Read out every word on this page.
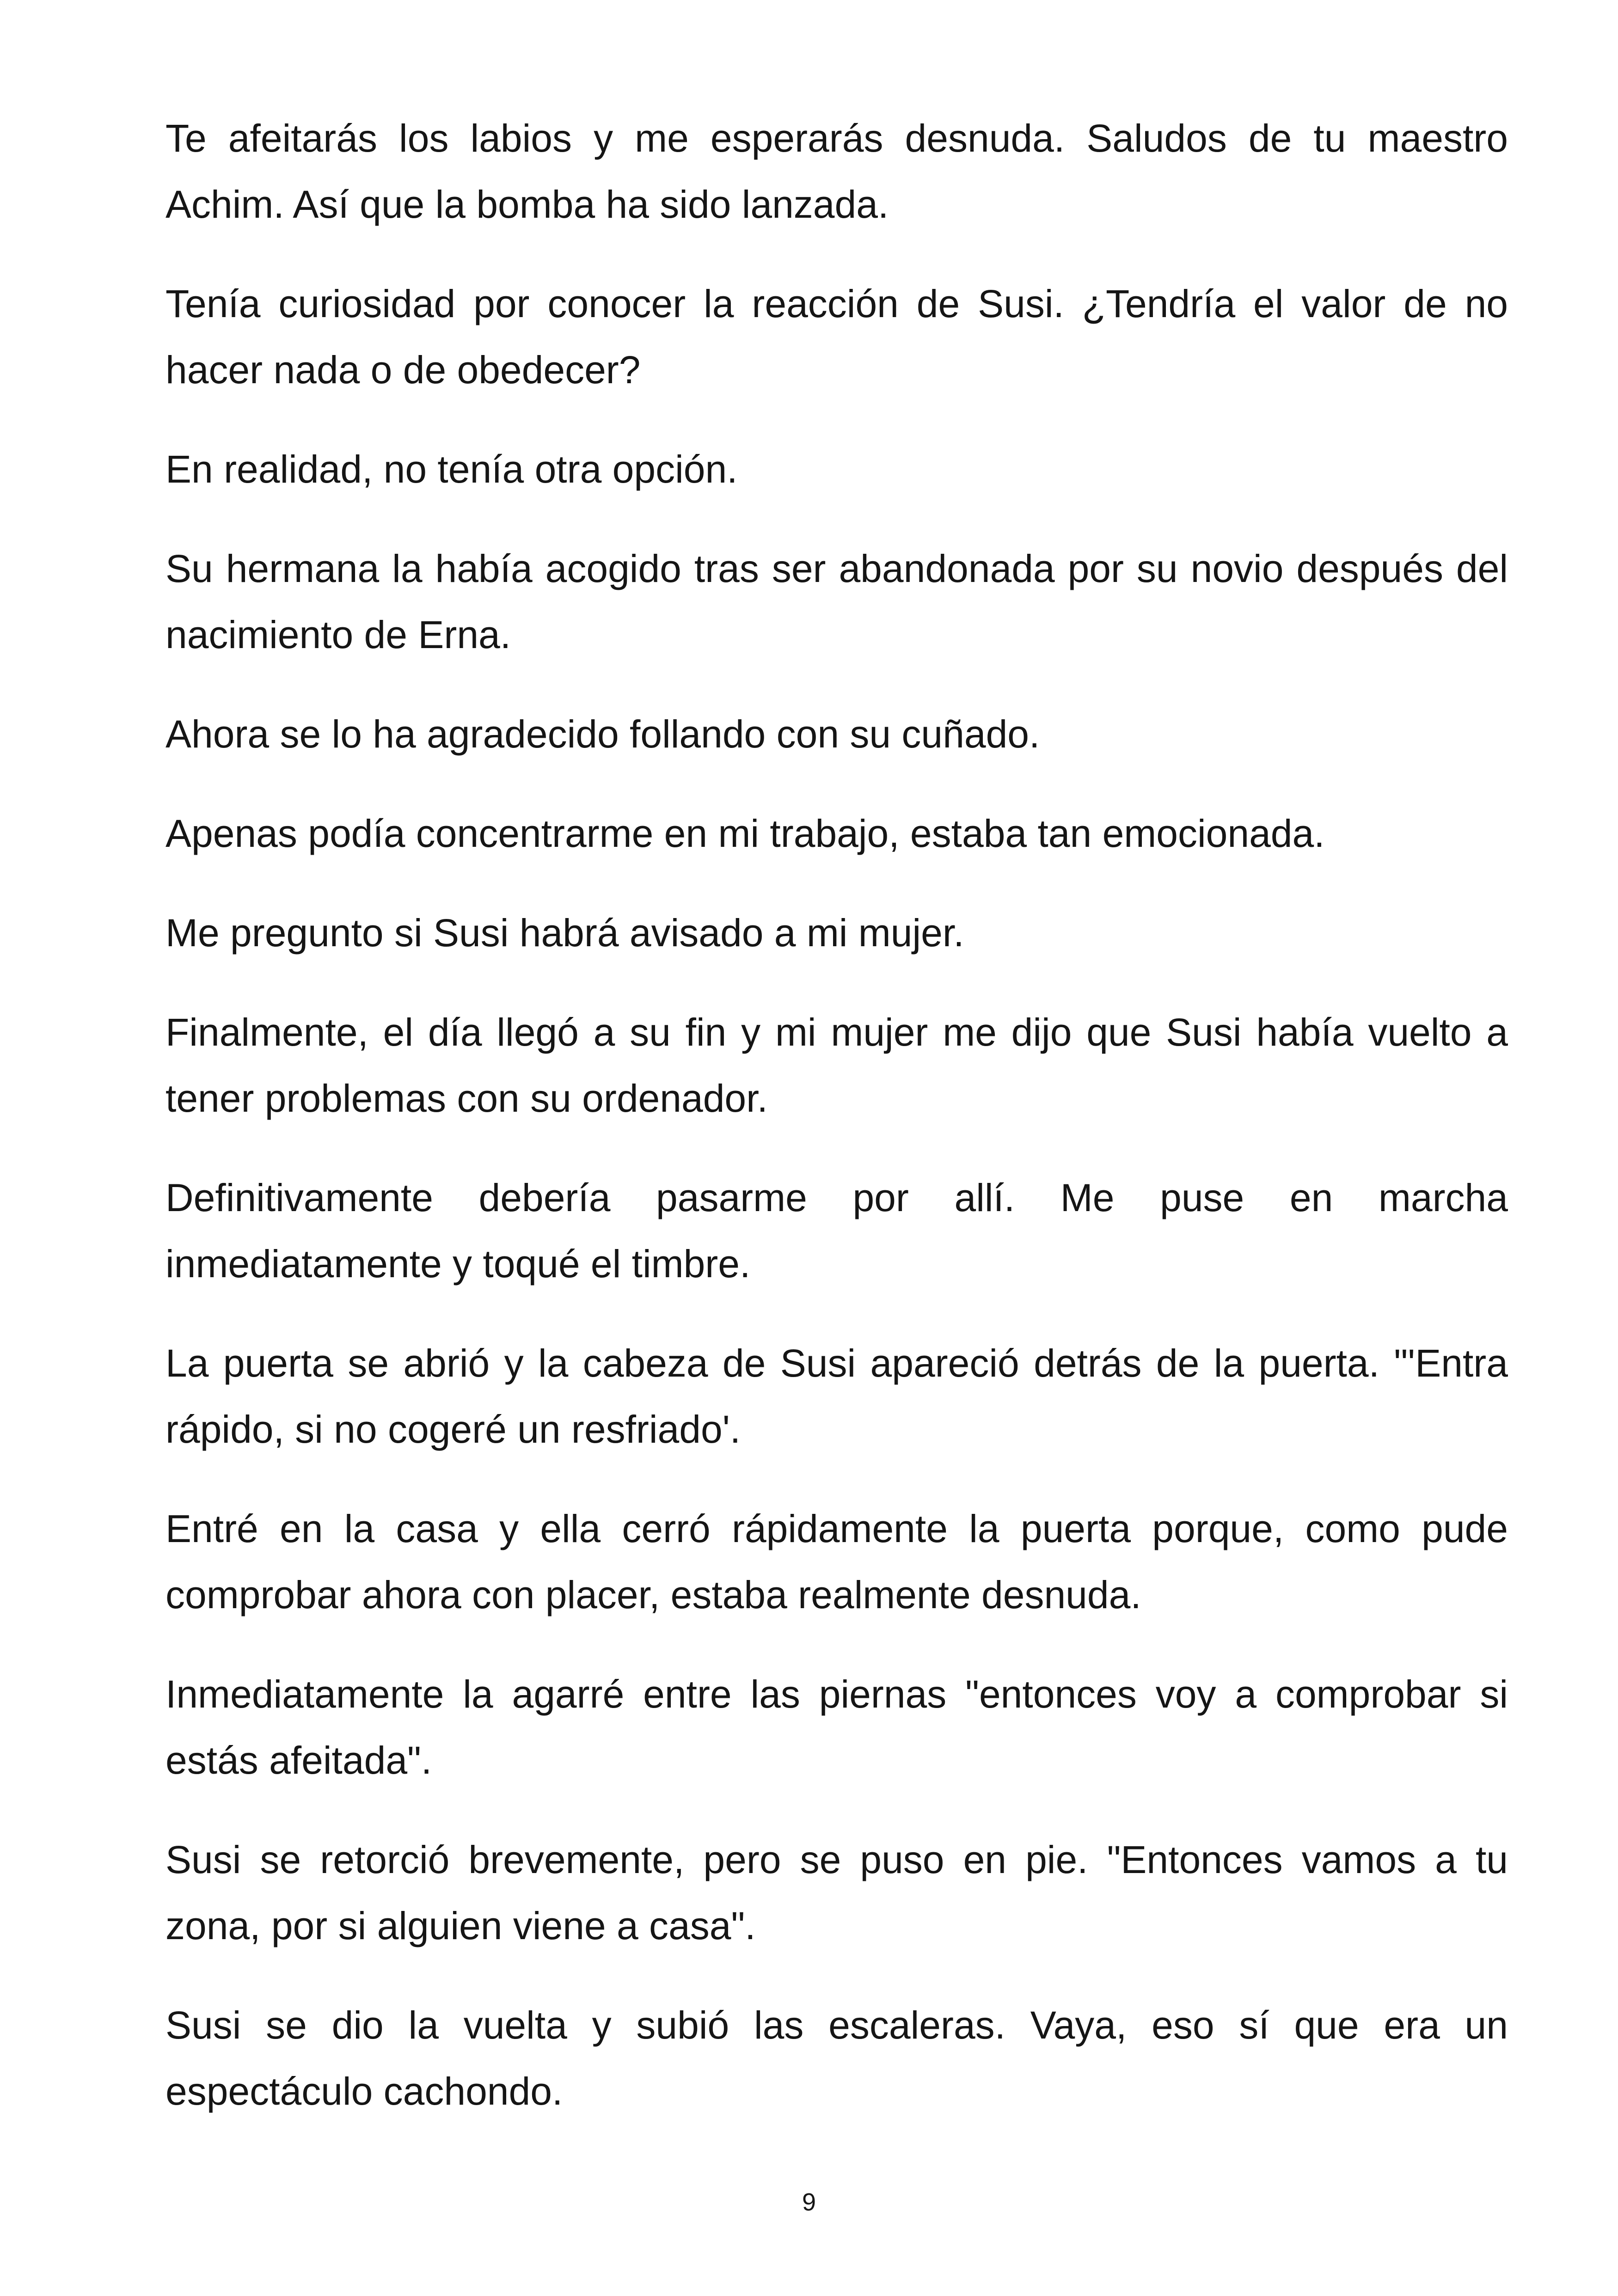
Te afeitarás los labios y me esperarás desnuda. Saludos de tu maestro Achim. Así que la bomba ha sido lanzada.

Tenía curiosidad por conocer la reacción de Susi. ¿Tendría el valor de no hacer nada o de obedecer?

En realidad, no tenía otra opción.

Su hermana la había acogido tras ser abandonada por su novio después del nacimiento de Erna.

Ahora se lo ha agradecido follando con su cuñado.

Apenas podía concentrarme en mi trabajo, estaba tan emocionada.

Me pregunto si Susi habrá avisado a mi mujer.

Finalmente, el día llegó a su fin y mi mujer me dijo que Susi había vuelto a tener problemas con su ordenador.

Definitivamente debería pasarme por allí. Me puse en marcha inmediatamente y toqué el timbre.

La puerta se abrió y la cabeza de Susi apareció detrás de la puerta. "'Entra rápido, si no cogeré un resfriado'.

Entré en la casa y ella cerró rápidamente la puerta porque, como pude comprobar ahora con placer, estaba realmente desnuda.

Inmediatamente la agarré entre las piernas "entonces voy a comprobar si estás afeitada".

Susi se retorció brevemente, pero se puso en pie. "Entonces vamos a tu zona, por si alguien viene a casa".

Susi se dio la vuelta y subió las escaleras. Vaya, eso sí que era un espectáculo cachondo.

9
